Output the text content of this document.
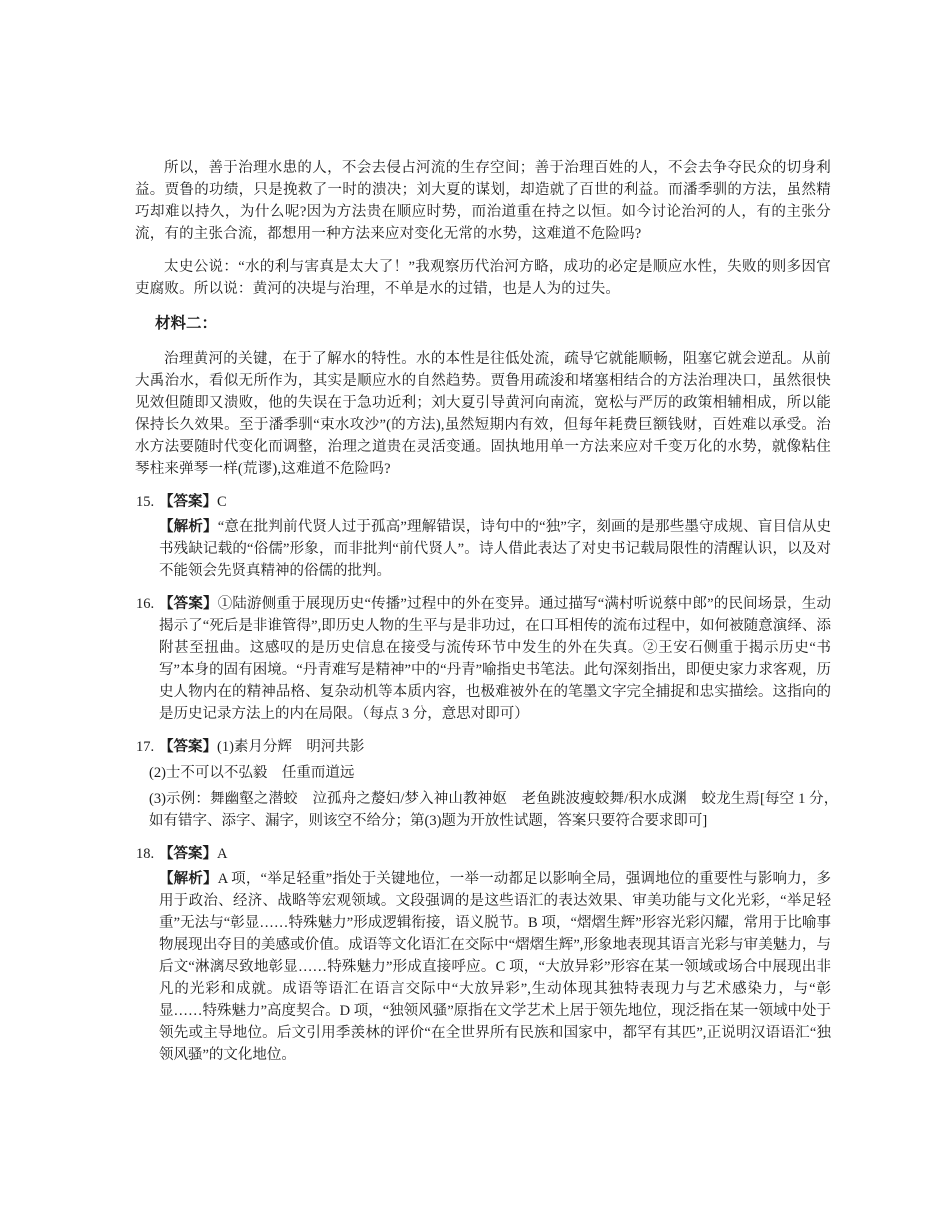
所以，善于治理水患的人，不会去侵占河流的生存空间；善于治理百姓的人，不会去争夺民众的切身利益。贾鲁的功绩，只是挽救了一时的溃决；刘大夏的谋划，却造就了百世的利益。而潘季驯的方法，虽然精巧却难以持久，为什么呢?因为方法贵在顺应时势，而治道重在持之以恒。如今讨论治河的人，有的主张分流，有的主张合流，都想用一种方法来应对变化无常的水势，这难道不危险吗?

太史公说：“水的利与害真是太大了！”我观察历代治河方略，成功的必定是顺应水性，失败的则多因官吏腐败。所以说：黄河的决堤与治理，不单是水的过错，也是人为的过失。

材料二：

治理黄河的关键，在于了解水的特性。水的本性是往低处流，疏导它就能顺畅，阻塞它就会逆乱。从前大禹治水，看似无所作为，其实是顺应水的自然趋势。贾鲁用疏浚和堵塞相结合的方法治理决口，虽然很快见效但随即又溃败，他的失误在于急功近利；刘大夏引导黄河向南流，宽松与严厉的政策相辅相成，所以能保持长久效果。至于潘季驯“束水攻沙”(的方法),虽然短期内有效，但每年耗费巨额钱财，百姓难以承受。治水方法要随时代变化而调整，治理之道贵在灵活变通。固执地用单一方法来应对千变万化的水势，就像粘住琴柱来弹琴一样(荒谬),这难道不危险吗?

15. 【答案】C

【解析】“意在批判前代贤人过于孤高”理解错误，诗句中的“独”字，刻画的是那些墨守成规、盲目信从史书残缺记载的“俗儒”形象，而非批判“前代贤人”。诗人借此表达了对史书记载局限性的清醒认识，以及对不能领会先贤真精神的俗儒的批判。

16. 【答案】①陆游侧重于展现历史“传播”过程中的外在变异。通过描写“满村听说蔡中郎”的民间场景，生动揭示了“死后是非谁管得”,即历史人物的生平与是非功过，在口耳相传的流布过程中，如何被随意演绎、添附甚至扭曲。这感叹的是历史信息在接受与流传环节中发生的外在失真。②王安石侧重于揭示历史“书写”本身的固有困境。“丹青难写是精神”中的“丹青”喻指史书笔法。此句深刻指出，即便史家力求客观，历史人物内在的精神品格、复杂动机等本质内容，也极难被外在的笔墨文字完全捕捉和忠实描绘。这指向的是历史记录方法上的内在局限。（每点 3 分，意思对即可）

17. 【答案】(1)素月分辉　明河共影

(2)士不可以不弘毅　任重而道远

(3)示例：舞幽壑之潜蛟　泣孤舟之嫠妇/梦入神山教神妪　老鱼跳波瘦蛟舞/积水成渊　蛟龙生焉[每空 1 分，　如有错字、添字、漏字，则该空不给分；第(3)题为开放性试题，答案只要符合要求即可]

18. 【答案】A

【解析】A 项，“举足轻重”指处于关键地位，一举一动都足以影响全局，强调地位的重要性与影响力，多用于政治、经济、战略等宏观领域。文段强调的是这些语汇的表达效果、审美功能与文化光彩，“举足轻重”无法与“彰显……特殊魅力”形成逻辑衔接，语义脱节。B 项，“熠熠生辉”形容光彩闪耀，常用于比喻事物展现出夺目的美感或价值。成语等文化语汇在交际中“熠熠生辉”,形象地表现其语言光彩与审美魅力，与后文“淋漓尽致地彰显……特殊魅力”形成直接呼应。C 项，“大放异彩”形容在某一领域或场合中展现出非凡的光彩和成就。成语等语汇在语言交际中“大放异彩”,生动体现其独特表现力与艺术感染力，与“彰显……特殊魅力”高度契合。D 项，“独领风骚”原指在文学艺术上居于领先地位，现泛指在某一领域中处于领先或主导地位。后文引用季羡林的评价“在全世界所有民族和国家中，都罕有其匹”,正说明汉语语汇“独领风骚”的文化地位。
